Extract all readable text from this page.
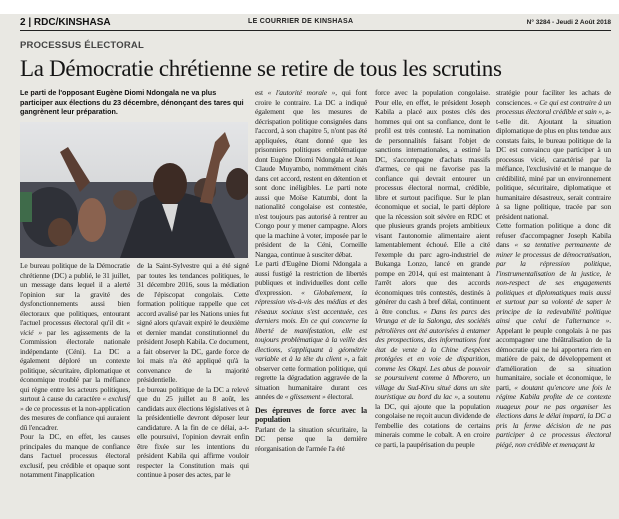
2 | RDC/KINSHASA	LE COURRIER DE KINSHASA	N° 3284 - Jeudi 2 Août 2018
PROCESSUS ÉLECTORAL
La Démocratie chrétienne se retire de tous les scrutins
Le parti de l'opposant Eugène Diomi Ndongala ne va plus participer aux élections du 23 décembre, dénonçant des tares qui gangrènent leur préparation.

Le bureau politique de la Démocratie chrétienne (DC) a publié, le 31 juillet, un message dans lequel il a alerté l'opinion sur la gravité des dysfonctionnements aussi bien électoraux que politiques, entourant l'actuel processus électoral qu'il dit « vicié » par les agissements de la Commission électorale nationale indépendante (Céni). La DC a également déploré un contexte politique, sécuritaire, diplomatique et économique troublé par la méfiance qui règne entre les acteurs politiques, surtout à cause du caractère « exclusif » de ce processus et la non-application des mesures de confiance qui auraient dû l'encadrer.

Pour la DC, en effet, les causes principales du manque de confiance dans l'actuel processus électoral exclusif, peu crédible et opaque sont notamment l'inapplication

de la Saint-Sylvestre qui a été signé par toutes les tendances politiques, le 31 décembre 2016, sous la médiation de l'épiscopat congolais. Cette formation politique rappelle que cet accord avalisé par les Nations unies fut signé alors qu'avait expiré le deuxième et dernier mandat constitutionnel du président Joseph Kabila. Ce document, a fait observer la DC, garde force de loi mais n'a été appliqué qu'à la convenance de la majorité présidentielle.

Le bureau politique de la DC a relevé que du 25 juillet au 8 août, les candidats aux élections législatives et à la présidentielle devront déposer leur candidature. A la fin de ce délai, a-t-elle poursuivi, l'opinion devrait enfin être fixée sur les intentions du président Kabila qui affirme vouloir respecter la Constitution mais qui continue à poser des actes, par le

est « l'autorité morale », qui font croire le contraire. La DC a indiqué également que les mesures de décrispation politique consignées dans l'accord, à son chapitre 5, n'ont pas été appliquées, étant donné que les prisonniers politiques emblématique dont Eugène Diomi Ndongala et Jean Claude Muyambo, nommément cités dans cet accord, restent en détention et sont donc inéligibles. Le parti note aussi que Moïse Katumbi, dont la nationalité congolaise est contestée, n'est toujours pas autorisé à rentrer au Congo pour y mener campagne. Alors que la machine à voter, imposée par le président de la Céni, Corneille Nangaa, continue à susciter débat.

Le parti d'Eugène Diomi Ndongala a aussi fustigé la restriction de libertés publiques et individuelles dont celle d'expression. « Globalement, la répression vis-à-vis des médias et des réseaux sociaux s'est accentuée, ces derniers mois. En ce qui concerne la liberté de manifestation, elle est toujours problématique à la veille des élections, s'appliquant à géométrie variable et à la tête du client », a fait observer cette formation politique, qui regrette la dégradation aggravée de la situation humanitaire durant ces années de « glissement » électoral.

Des épreuves de force avec la population

Parlant de la situation sécuritaire, la DC pense que la dernière réorganisation de l'armée l'a été

force avec la population congolaise. Pour elle, en effet, le président Joseph Kabila a placé aux postes clés des hommes qui ont sa confiance, dont le profil est très contesté. La nomination de personnalités faisant l'objet de sanctions internationales, a estimé la DC, s'accompagne d'achats massifs d'armes, ce qui ne favorise pas la confiance qui devrait entourer un processus électoral normal, crédible, libre et surtout pacifique. Sur le plan économique et social, le parti déplore que la récession soit sévère en RDC et que plusieurs grands projets ambitieux visant l'autonomie alimentaire aient lamentablement échoué. Elle a cité l'exemple du parc agro-industriel de Bukanga Lonzo, lancé en grande pompe en 2014, qui est maintenant à l'arrêt alors que des accords économiques très contestés, destinés à générer du cash à bref délai, continuent à être conclus. « Dans les parcs des Virunga et de la Salonga, des sociétés pétrolières ont été autorisées à entamer des prospections, des informations font état de vente à la Chine d'espèces protégées et en voie de disparition, comme les Okapi. Les abus de pouvoir se poursuivent comme à Mborero, un village du Sud-Kivu situé dans un site touristique au bord du lac », a soutenu la DC, qui ajoute que la population congolaise ne reçoit aucun dividende de l'embellie des cotations de certains minerais comme le cobalt. A en croire ce parti, la paupérisation du peuple

stratégie pour faciliter les achats de consciences. « Ce qui est contraire à un processus électoral crédible et sain », a-t-elle dit. Ajoutant la situation diplomatique de plus en plus tendue aux constats faits, le bureau politique de la DC est convaincu que participer à un processus vicié, caractérisé par la méfiance, l'exclusivité et le manque de crédibilité, miné par un environnement politique, sécuritaire, diplomatique et humanitaire désastreux, serait contraire à sa ligne politique, tracée par son président national.

Cette formation politique a donc dit refuser d'accompagner Joseph Kabila dans « sa tentative permanente de miner le processus de démocratisation, par la répression politique, l'instrumentalisation de la justice, le non-respect de ses engagements politiques et diplomatiques mais aussi et surtout par sa volonté de saper le principe de la redevabilité politique ainsi que celui de l'alternance ». Appelant le peuple congolais à ne pas accompagner une théâtralisation de la démocratie qui ne lui apportera rien en matière de paix, de développement et d'amélioration de sa situation humanitaire, sociale et économique, le parti, « doutant qu'encore une fois le régime Kabila profite de ce contexte nuageux pour ne pas organiser les élections dans le délai imparti, la DC a pris la ferme décision de ne pas participer à ce processus électoral piégé, non crédible et menaçant la
